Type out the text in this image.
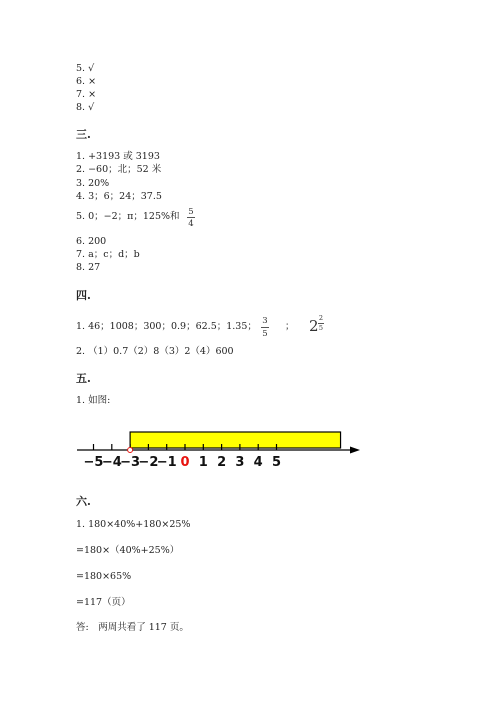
5. √
6. ×
7. ×
8. √
三.
1. +3193 或 3193
2. −60；北；52 米
3. 20%
4. 3；6；24；37.5
5. 0；−2；π；125%和	5
4
6. 200
7. a；c；d；b
8. 27
四.
1. 46；1008；300；0.9；62.5；1.35； 3
5
； 2 2
5
2. （1）0.7（2）8（3）2（4）600
五.
1. 如图:
−5
−4
−3
−2
−1 0 1 2 3 4 5
六.
1. 180×40%+180×25%
=180×（40%+25%）
=180×65%
=117（页）
答:　两周共看了 117 页。
